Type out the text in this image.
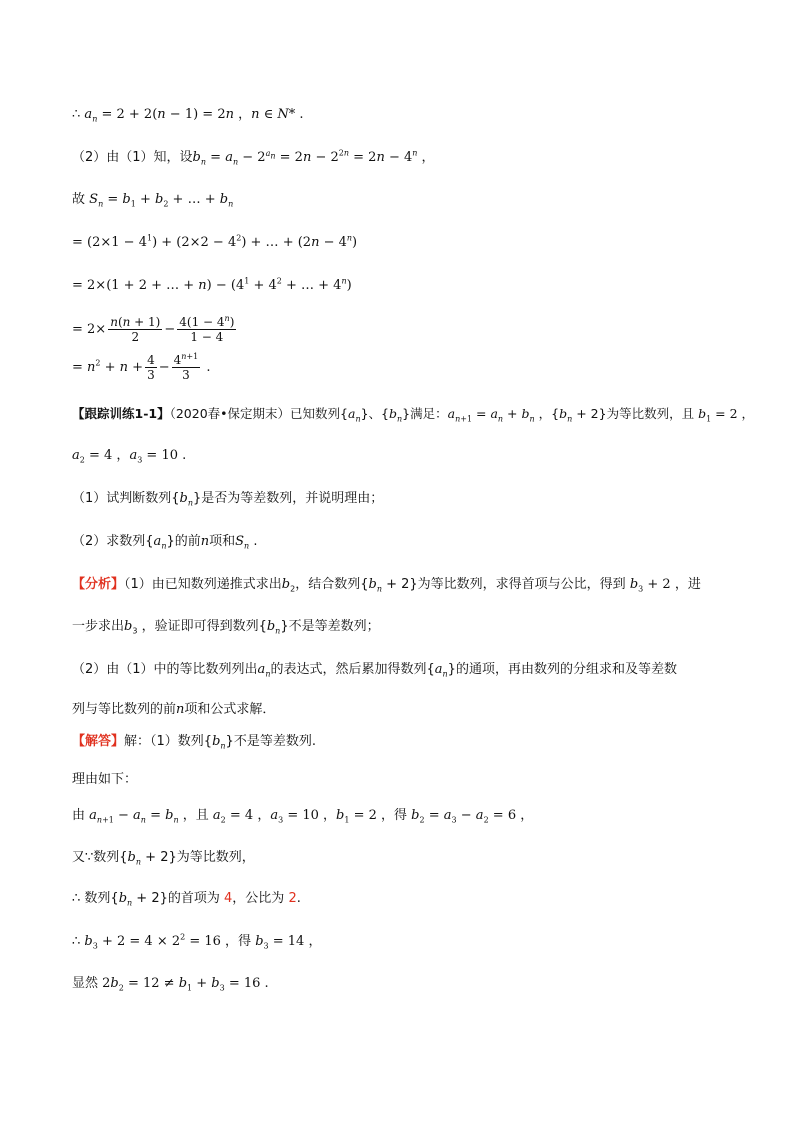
∴ $a_n = 2 + 2(n - 1) = 2n$ ，n ∈ N* .
（2）由（1）知，设$b_n = a_n - 2^{a_n} = 2n - 2^{2n} = 2n - 4^n$ ，
故 $S_n = b_1 + b_2$ + … + $b_n$
= $(2\times 1 - 4^1) + (2\times 2 - 4^2)$ + … + $(2n - 4^n)$
= 2×(1 + 2 + … + $n) - (4^1 + 4^2$ + … + $4^n$)
= $2\times \frac{n(n + 1)}{2} - \frac{4(1 - 4^n)}{1 - 4}$
= $n^2 + n + \frac{4}{3} - \frac{4^{n+1}}{3}$ .
【跟踪训练1-1】（2020春•保定期末）已知数列$\{a_n\}$、$\{b_n\}$满足：$a_{n+1} = a_n + b_n$ ，$\{b_n + 2\}$为等比数列，且 $b_1 = 2$ ，
$a_2 = 4$ ，$a_3 = 10$ .
（1）试判断数列$\{b_n\}$是否为等差数列，并说明理由；
（2）求数列$\{a_n\}$的前n项和$S_n$ .
【分析】（1）由已知数列递推式求出$b_2$，结合数列$\{b_n + 2\}$为等比数列，求得首项与公比，得到 $b_3 + 2$ ，进
一步求出$b_3$ ，验证即可得到数列$\{b_n\}$不是等差数列；
（2）由（1）中的等比数列列出$a_n$的表达式，然后累加得数列$\{a_n\}$的通项，再由数列的分组求和及等差数
列与等比数列的前n项和公式求解．
【解答】解：（1）数列$\{b_n\}$不是等差数列.
理由如下：
由 $a_{n+1} - a_n = b_n$ ，且 $a_2 = 4$ ，$a_3 = 10$ ，$b_1 = 2$ ，得 $b_2 = a_3 - a_2 = 6$ ，
又∵数列$\{b_n + 2\}$为等比数列，
∴ 数列$\{b_n + 2\}$的首项为 4，公比为 2.
∴ $b_3 + 2 = 4 \times 2^2 = 16$ ，得 $b_3 = 14$ ，
显然 $2b_2 = 12 \ne b_1 + b_3 = 16$ .
